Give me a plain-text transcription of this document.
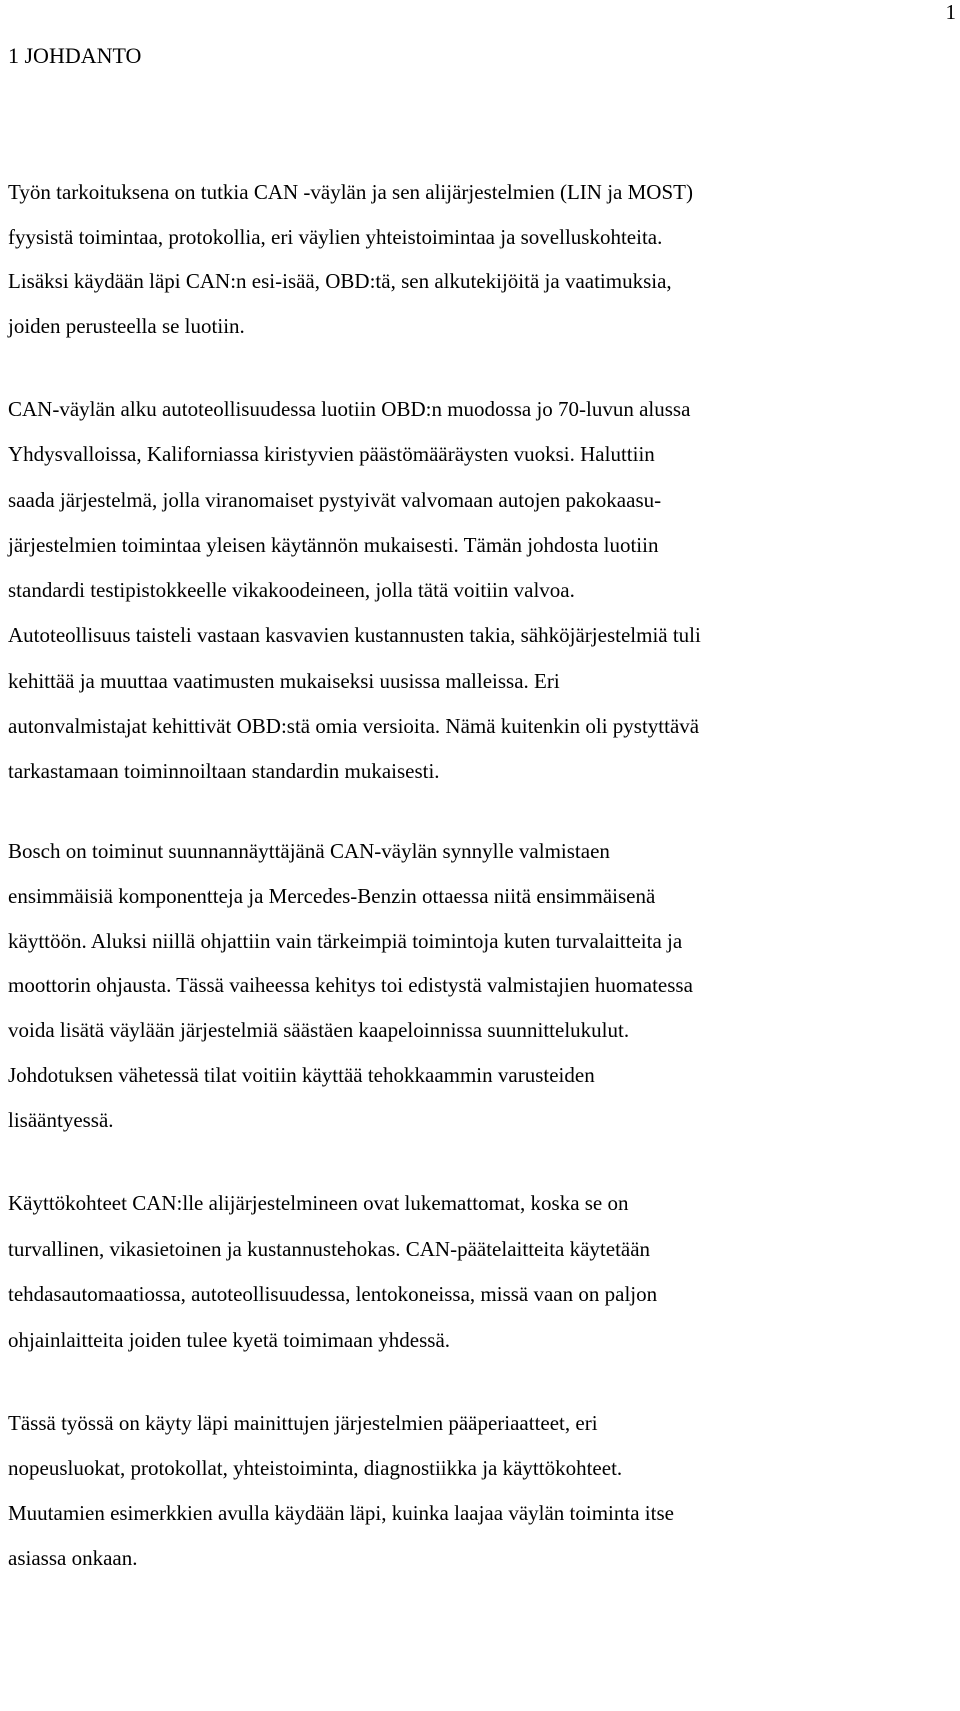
1
1 JOHDANTO

Työn tarkoituksena on tutkia CAN -väylän ja sen alijärjestelmien (LIN ja MOST)
fyysistä toimintaa, protokollia, eri väylien yhteistoimintaa ja sovelluskohteita.
Lisäksi käydään läpi CAN:n esi-isää, OBD:tä, sen alkutekijöitä ja vaatimuksia,
joiden perusteella se luotiin.

CAN-väylän alku autoteollisuudessa luotiin OBD:n muodossa jo 70-luvun alussa
Yhdysvalloissa, Kaliforniassa kiristyvien päästömääräysten vuoksi. Haluttiin
saada järjestelmä, jolla viranomaiset pystyivät valvomaan autojen pakokaasu-
järjestelmien toimintaa yleisen käytännön mukaisesti. Tämän johdosta luotiin
standardi testipistokkeelle vikakoodeineen, jolla tätä voitiin valvoa.
Autoteollisuus taisteli vastaan kasvavien kustannusten takia, sähköjärjestelmiä tuli
kehittää ja muuttaa vaatimusten mukaiseksi uusissa malleissa. Eri
autonvalmistajat kehittivät OBD:stä omia versioita. Nämä kuitenkin oli pystyttävä
tarkastamaan toiminnoiltaan standardin mukaisesti.

Bosch on toiminut suunnannäyttäjänä CAN-väylän synnylle valmistaen
ensimmäisiä komponentteja ja Mercedes-Benzin ottaessa niitä ensimmäisenä
käyttöön. Aluksi niillä ohjattiin vain tärkeimpiä toimintoja kuten turvalaitteita ja
moottorin ohjausta. Tässä vaiheessa kehitys toi edistystä valmistajien huomatessa
voida lisätä väylään järjestelmiä säästäen kaapeloinnissa suunnittelukulut.
Johdotuksen vähetessä tilat voitiin käyttää tehokkaammin varusteiden
lisääntyessä.

Käyttökohteet CAN:lle alijärjestelmineen ovat lukemattomat, koska se on
turvallinen, vikasietoinen ja kustannustehokas. CAN-päätelaitteita käytetään
tehdasautomaatiossa, autoteollisuudessa, lentokoneissa, missä vaan on paljon
ohjainlaitteita joiden tulee kyetä toimimaan yhdessä.

Tässä työssä on käyty läpi mainittujen järjestelmien pääperiaatteet, eri
nopeusluokat, protokollat, yhteistoiminta, diagnostiikka ja käyttökohteet.
Muutamien esimerkkien avulla käydään läpi, kuinka laajaa väylän toiminta itse
asiassa onkaan.
